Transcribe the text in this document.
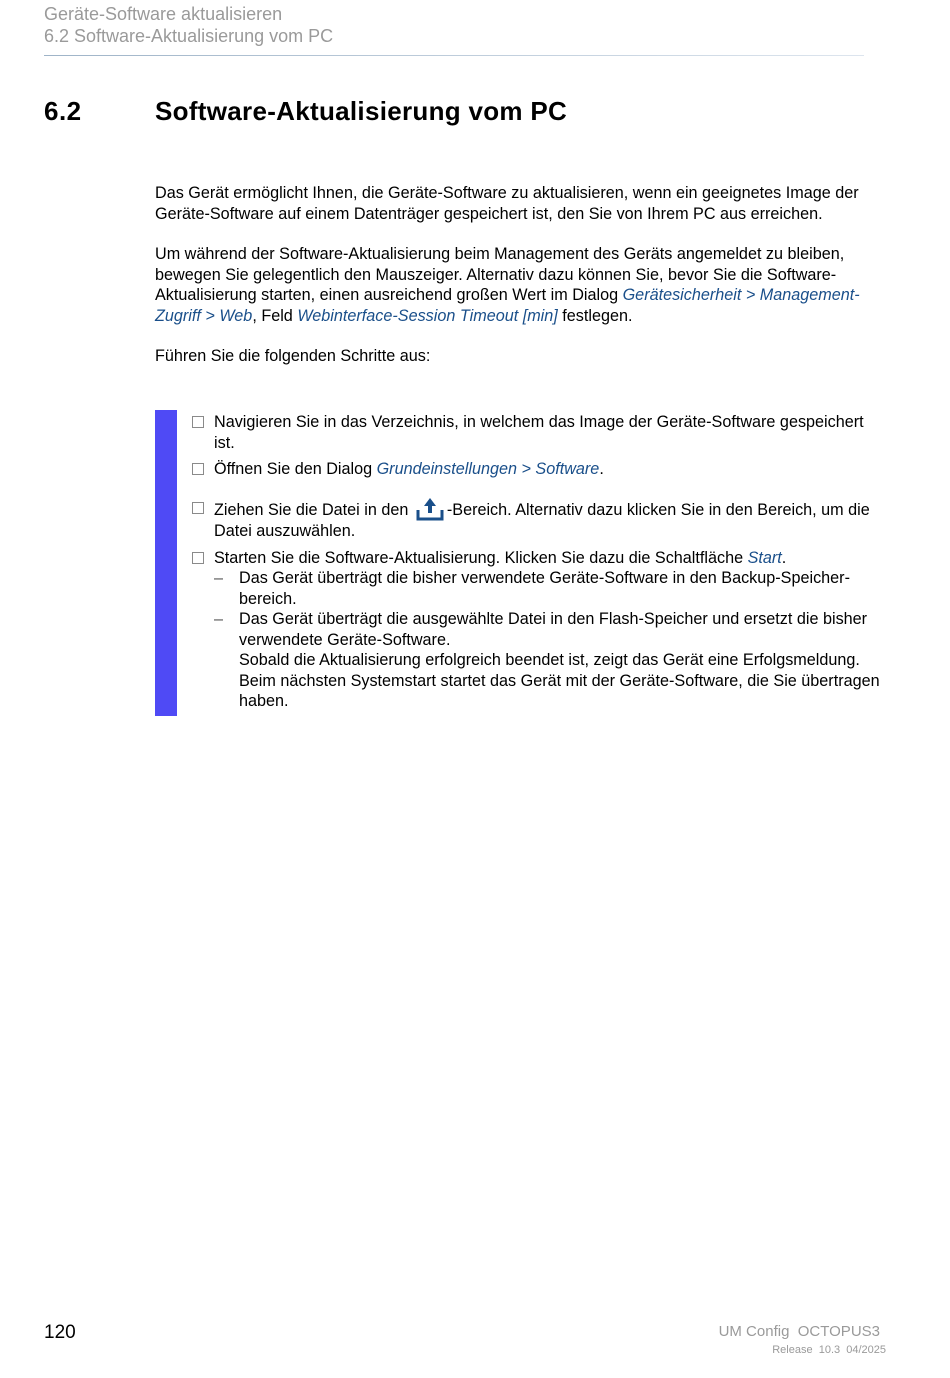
Geräte-Software aktualisieren
6.2 Software-Aktualisierung vom PC
6.2	Software-Aktualisierung vom PC
Das Gerät ermöglicht Ihnen, die Geräte-Software zu aktualisieren, wenn ein geeignetes Image der Geräte-Software auf einem Datenträger gespeichert ist, den Sie von Ihrem PC aus erreichen.
Um während der Software-Aktualisierung beim Management des Geräts angemeldet zu bleiben, bewegen Sie gelegentlich den Mauszeiger. Alternativ dazu können Sie, bevor Sie die Software-Aktualisierung starten, einen ausreichend großen Wert im Dialog Gerätesicherheit > Management-Zugriff > Web, Feld Webinterface-Session Timeout [min] festlegen.
Führen Sie die folgenden Schritte aus:
Navigieren Sie in das Verzeichnis, in welchem das Image der Geräte-Software gespeichert ist.
Öffnen Sie den Dialog Grundeinstellungen > Software.
Ziehen Sie die Datei in den -Bereich. Alternativ dazu klicken Sie in den Bereich, um die Datei auszuwählen.
Starten Sie die Software-Aktualisierung. Klicken Sie dazu die Schaltfläche Start.
– Das Gerät überträgt die bisher verwendete Geräte-Software in den Backup-Speicherbereich.
– Das Gerät überträgt die ausgewählte Datei in den Flash-Speicher und ersetzt die bisher verwendete Geräte-Software.
Sobald die Aktualisierung erfolgreich beendet ist, zeigt das Gerät eine Erfolgsmeldung.
Beim nächsten Systemstart startet das Gerät mit der Geräte-Software, die Sie übertragen haben.
120	UM Config  OCTOPUS3
Release  10.3  04/2025
